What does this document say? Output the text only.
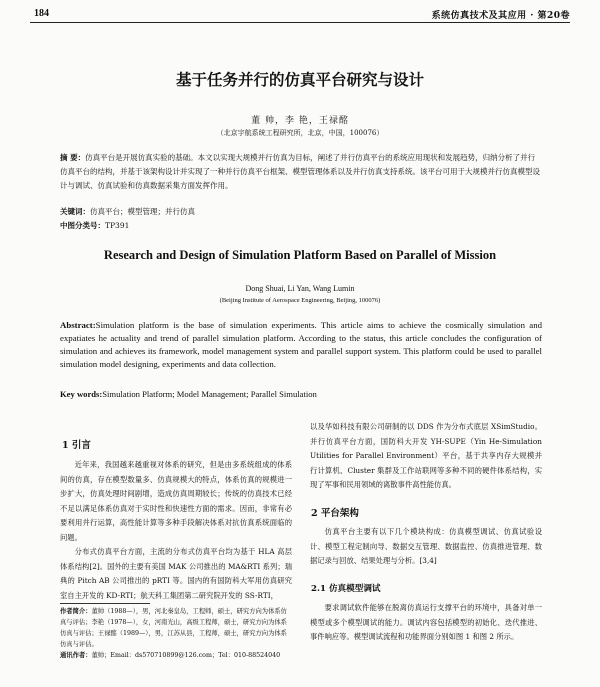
184	系统仿真技术及其应用 · 第20卷
基于任务并行的仿真平台研究与设计
董 帅，李 艳，王禄酩
（北京宇航系统工程研究所，北京，中国，100076）
摘 要：仿真平台是开展仿真实验的基础。本文以实现大规模并行仿真为目标，阐述了并行仿真平台的系统应用现状和发展趋势，归纳分析了并行仿真平台的结构，并基于该架构设计并实现了一种并行仿真平台框架、模型管理体系以及并行仿真支持系统。该平台可用于大规模并行仿真模型设计与调试、仿真试验和仿真数据采集方面发挥作用。
关键词：仿真平台；模型管理；并行仿真
中图分类号：TP391
Research and Design of Simulation Platform Based on Parallel of Mission
Dong Shuai, Li Yan, Wang Lumin
(Beijing Institute of Aerospace Engineering, Beijing, 100076)
Abstract:Simulation platform is the base of simulation experiments. This article aims to achieve the cosmically simulation and expatiates he actuality and trend of parallel simulation platform. According to the status, this article concludes the configuration of simulation and achieves its framework, model management system and parallel support system. This platform could be used to parallel simulation model designing, experiments and data collection.
Key words:Simulation Platform; Model Management; Parallel Simulation
1 引言

近年来，我国越来越重视对体系的研究，但是由多系统组成的体系间的仿真，存在模型数量多、仿真规模大的特点，体系仿真的规模进一步扩大，仿真处理时间剧增，造成仿真周期较长；传统的仿真技术已经不足以满足体系仿真对于实时性和快速性方面的需求。因而，非常有必要利用并行运算，高性能计算等多种手段解决体系对抗仿真系统面临的问题。

分布式仿真平台方面，主流的分布式仿真平台均为基于 HLA 高层体系结构[2]。国外的主要有美国 MAK 公司推出的 MA&RTI 系列；瑞典的 Pitch AB 公司推出的 pRTI 等。国内的有国防科大军用仿真研究室自主开发的 KD-RTI；航天科工集团第二研究院开发的 SS-RTI，

以及华如科技有限公司研制的以 DDS 作为分布式底层 XSimStudio。并行仿真平台方面，国防科大开发 YH-SUPE（Yin He-Simulation Utilities for Parallel Environment）平台，基于共享内存大规模并行计算机、Cluster 集群及工作站联网等多种不同的硬件体系结构，实现了军事和民用领域的离散事件高性能仿真。

2 平台架构

仿真平台主要有以下几个模块构成：仿真模型调试、仿真试验设计、模型工程定制向导、数据交互管理、数据监控、仿真推进管理、数据记录与回放、结果处理与分析。[3,4]

2.1 仿真模型调试

要求调试软件能够在脱离仿真运行支撑平台的环境中，具备对单一模型或多个模型调试的能力。调试内容包括模型的初始化、迭代推进、事件响应等。模型调试流程和功能界面分别如图 1 和图 2 所示。

作者简介：董帅（1988—），男，河北秦皇岛，工程师，硕士，研究方向为体系仿真与评估；李艳（1978—），女，河南光山，高级工程师，硕士，研究方向为体系仿真与评估；王禄酩（1989—），男，江苏从县，工程师，硕士，研究方向为体系仿真与评估。
通讯作者：董帅；Email：ds570710899@126.com；Tel：010-88524040
